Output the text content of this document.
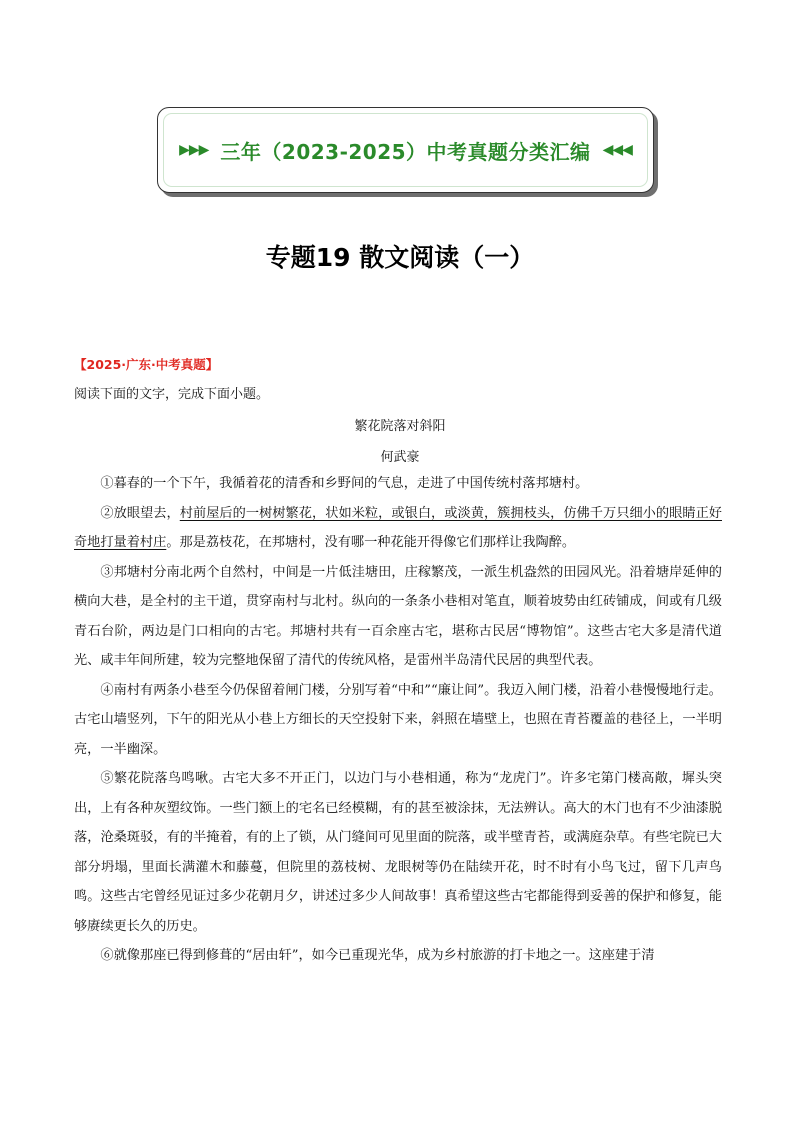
▶▶▶ 三年（2023-2025）中考真题分类汇编 ◀◀◀
专题19 散文阅读（一）
【2025·广东·中考真题】
阅读下面的文字，完成下面小题。
繁花院落对斜阳
何武豪

①暮春的一个下午，我循着花的清香和乡野间的气息，走进了中国传统村落邦塘村。

②放眼望去，村前屋后的一树树繁花，状如米粒，或银白，或淡黄，簇拥枝头，仿佛千万只细小的眼睛正好奇地打量着村庄。那是荔枝花，在邦塘村，没有哪一种花能开得像它们那样让我陶醉。

③邦塘村分南北两个自然村，中间是一片低洼塘田，庄稼繁茂，一派生机盎然的田园风光。沿着塘岸延伸的横向大巷，是全村的主干道，贯穿南村与北村。纵向的一条条小巷相对笔直，顺着坡势由红砖铺成，间或有几级青石台阶，两边是门口相向的古宅。邦塘村共有一百余座古宅，堪称古民居“博物馆”。这些古宅大多是清代道光、咸丰年间所建，较为完整地保留了清代的传统风格，是雷州半岛清代民居的典型代表。

④南村有两条小巷至今仍保留着闸门楼，分别写着“中和”“廉让间”。我迈入闸门楼，沿着小巷慢慢地行走。古宅山墙竖列，下午的阳光从小巷上方细长的天空投射下来，斜照在墙壁上，也照在青苔覆盖的巷径上，一半明亮，一半幽深。

⑤繁花院落鸟鸣啾。古宅大多不开正门，以边门与小巷相通，称为“龙虎门”。许多宅第门楼高敞，墀头突出，上有各种灰塑纹饰。一些门额上的宅名已经模糊，有的甚至被涂抹，无法辨认。高大的木门也有不少油漆脱落，沧桑斑驳，有的半掩着，有的上了锁，从门缝间可见里面的院落，或半壁青苔，或满庭杂草。有些宅院已大部分坍塌，里面长满灌木和藤蔓，但院里的荔枝树、龙眼树等仍在陆续开花，时不时有小鸟飞过，留下几声鸟鸣。这些古宅曾经见证过多少花朝月夕，讲述过多少人间故事！真希望这些古宅都能得到妥善的保护和修复，能够赓续更长久的历史。

⑥就像那座已得到修葺的“居由轩”，如今已重现光华，成为乡村旅游的打卡地之一。这座建于清
